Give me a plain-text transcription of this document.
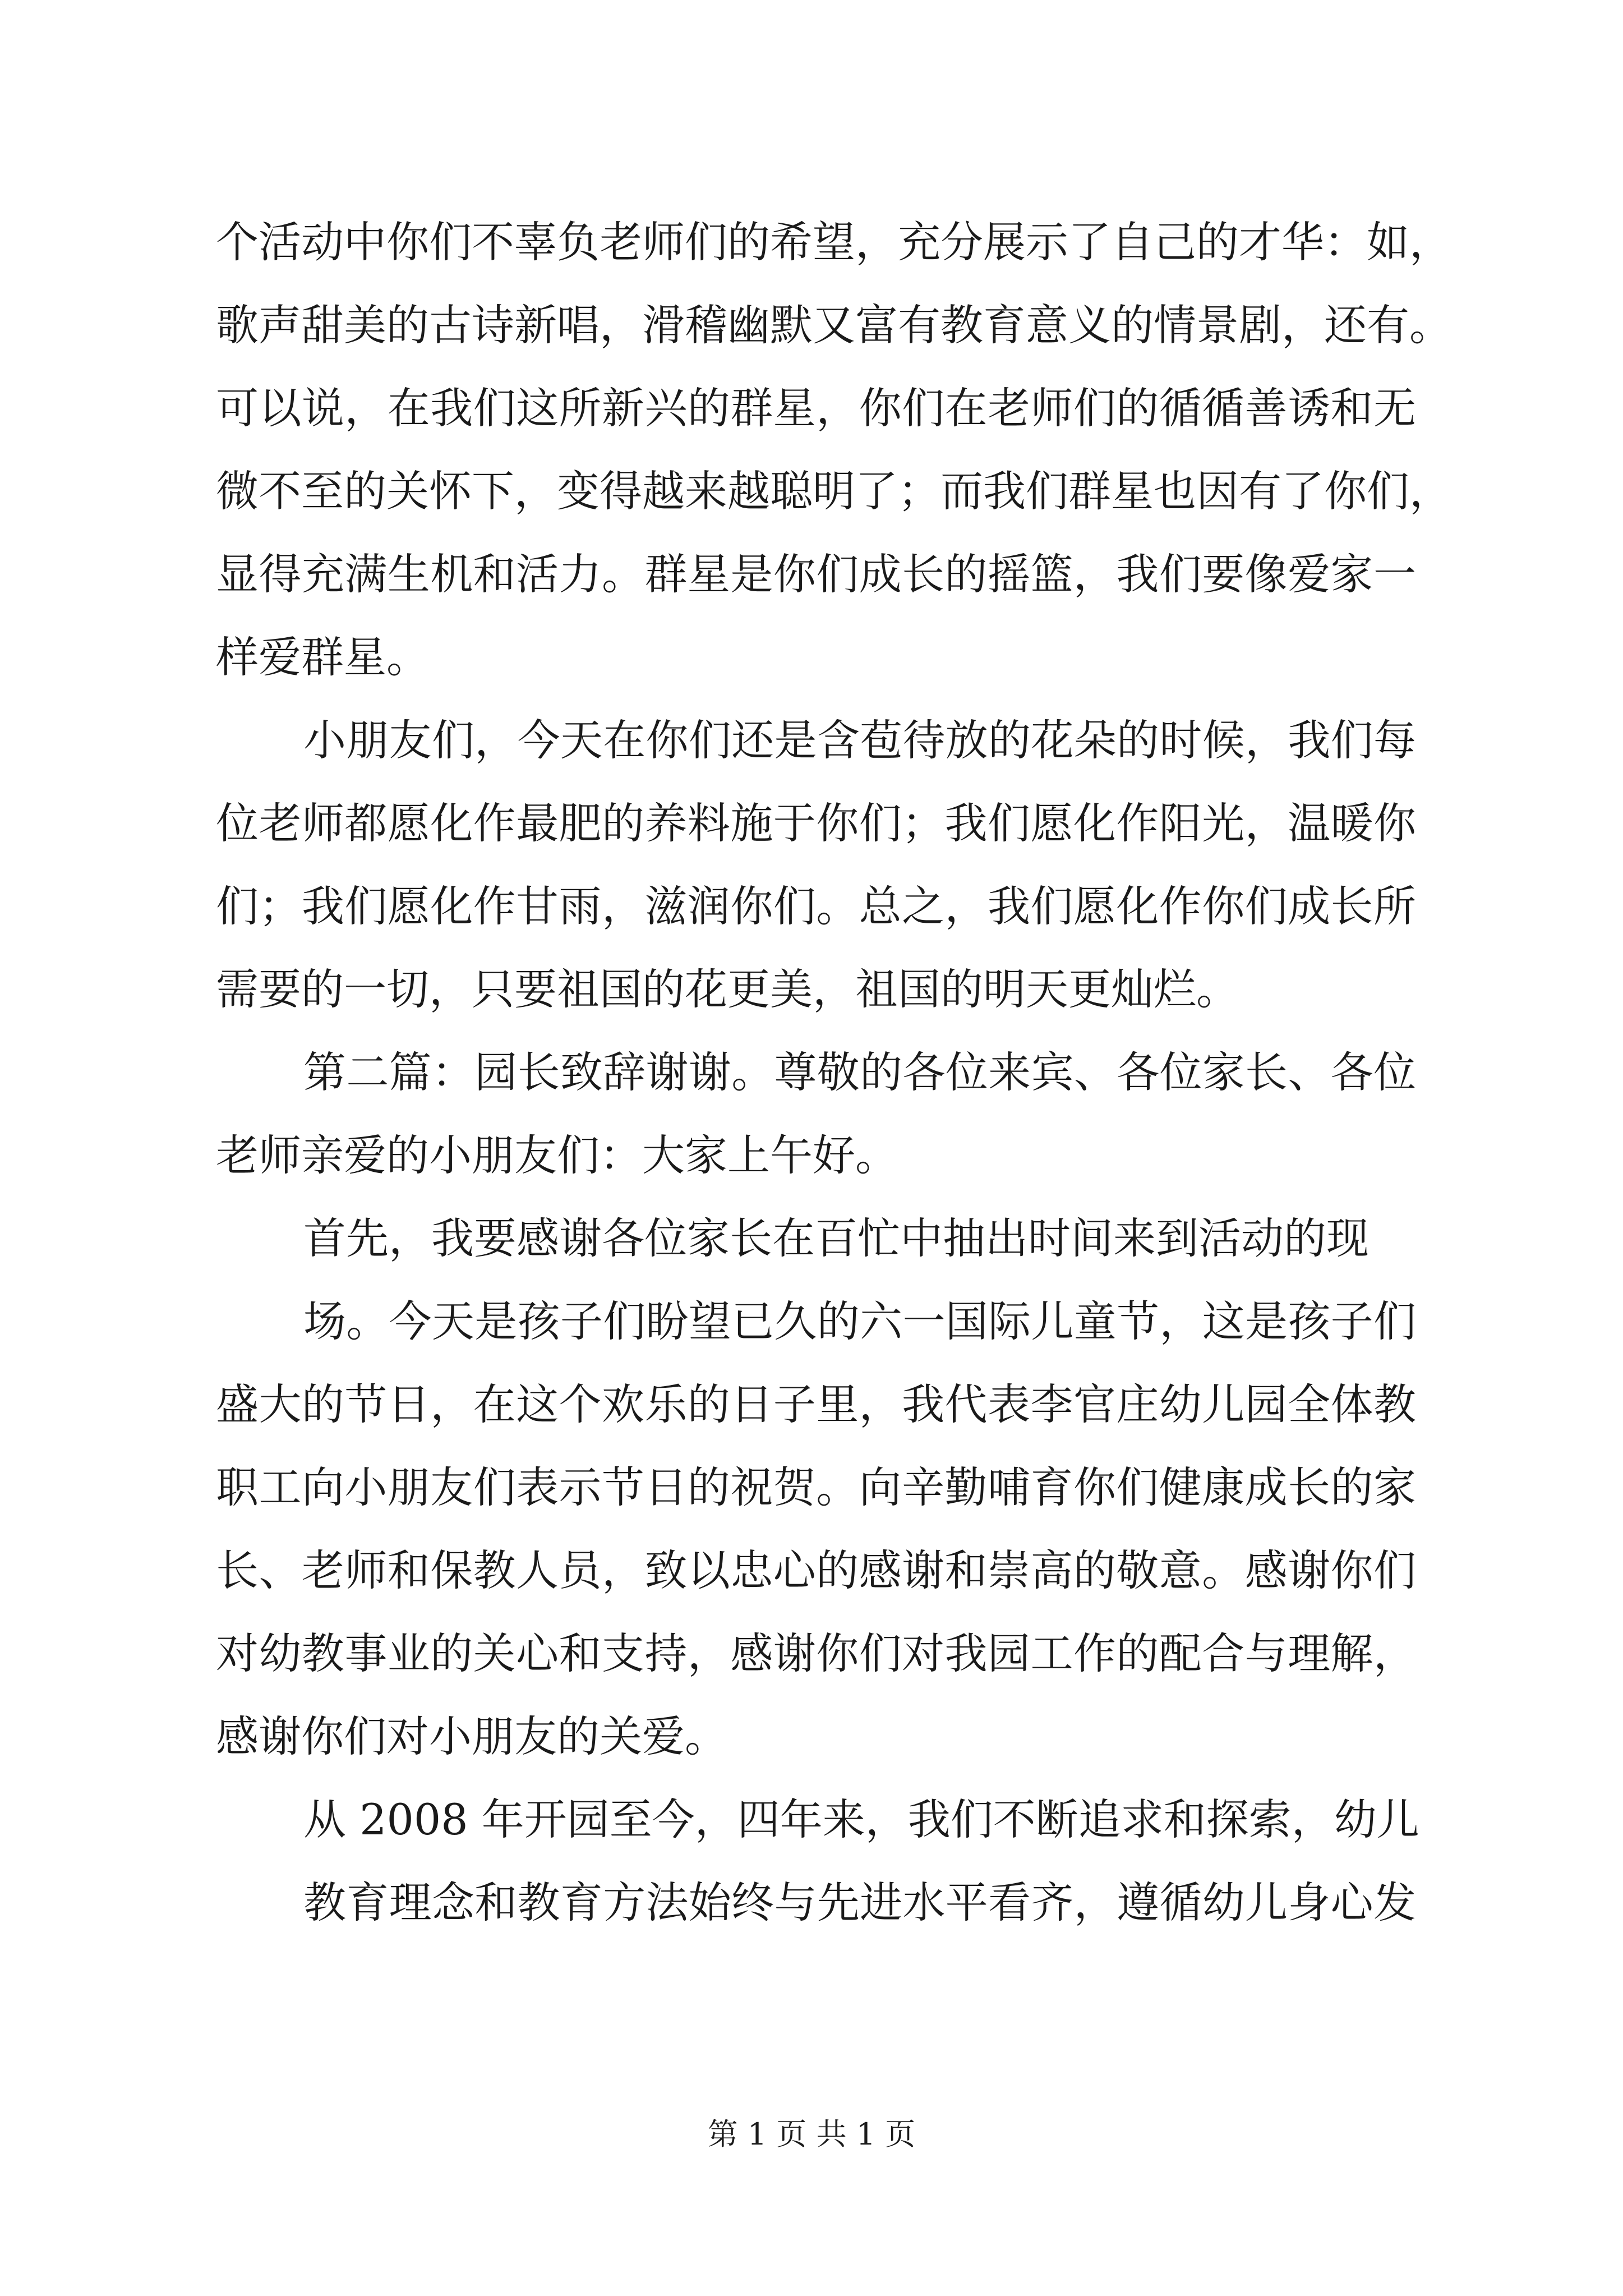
个活动中你们不辜负老师们的希望，充分展示了自己的才华：如，
歌声甜美的古诗新唱，滑稽幽默又富有教育意义的情景剧，还有。
可以说，在我们这所新兴的群星，你们在老师们的循循善诱和无
微不至的关怀下，变得越来越聪明了；而我们群星也因有了你们，
显得充满生机和活力。群星是你们成长的摇篮，我们要像爱家一
样爱群星。
小朋友们，今天在你们还是含苞待放的花朵的时候，我们每
位老师都愿化作最肥的养料施于你们；我们愿化作阳光，温暖你
们；我们愿化作甘雨，滋润你们。总之，我们愿化作你们成长所
需要的一切，只要祖国的花更美，祖国的明天更灿烂。
第二篇：园长致辞谢谢。尊敬的各位来宾、各位家长、各位
老师亲爱的小朋友们：大家上午好。
首先，我要感谢各位家长在百忙中抽出时间来到活动的现
场。今天是孩子们盼望已久的六一国际儿童节，这是孩子们
盛大的节日，在这个欢乐的日子里，我代表李官庄幼儿园全体教
职工向小朋友们表示节日的祝贺。向辛勤哺育你们健康成长的家
长、老师和保教人员，致以忠心的感谢和崇高的敬意。感谢你们
对幼教事业的关心和支持，感谢你们对我园工作的配合与理解，
感谢你们对小朋友的关爱。
从 2008 年开园至今，四年来，我们不断追求和探索，幼儿
教育理念和教育方法始终与先进水平看齐，遵循幼儿身心发
第 1 页 共 1 页
